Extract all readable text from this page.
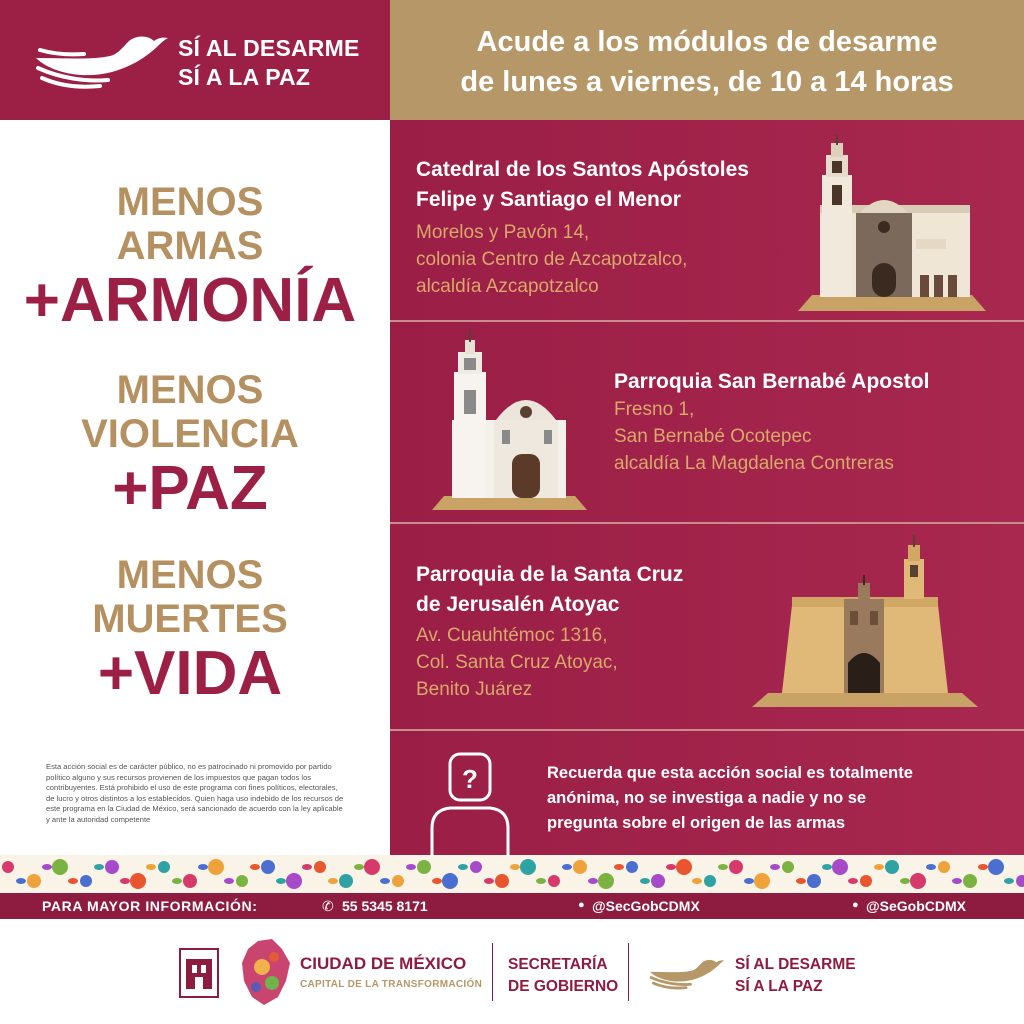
SÍ AL DESARME
SÍ A LA PAZ
Acude a los módulos de desarme
de lunes a viernes, de 10 a 14 horas
MENOS
ARMAS
+ARMONÍA
MENOS
VIOLENCIA
+PAZ
MENOS
MUERTES
+VIDA
Esta acción social es de carácter público, no es patrocinado ni promovido por partido político alguno y sus recursos provienen de los impuestos que pagan todos los contribuyentes. Está prohibido el uso de este programa con fines políticos, electorales, de lucro y otros distintos a los establecidos. Quien haga uso indebido de los recursos de este programa en la Ciudad de México, será sancionado de acuerdo con la ley aplicable y ante la autoridad competente
Catedral de los Santos Apóstoles
Felipe y Santiago el Menor
Morelos y Pavón 14,
colonia Centro de Azcapotzalco,
alcaldía Azcapotzalco
Parroquia San Bernabé Apostol
Fresno 1,
San Bernabé Ocotepec
alcaldía La Magdalena Contreras
Parroquia de la Santa Cruz
de Jerusalén Atoyac
Av. Cuauhtémoc 1316,
Col. Santa Cruz Atoyac,
Benito Juárez
?	Recuerda que esta acción social es totalmente
anónima, no se investiga a nadie y no se
pregunta sobre el origen de las armas
PARA MAYOR INFORMACIÓN:	✆ 55 5345 8171	● @SecGobCDMX	● @SeGobCDMX
CIUDAD DE MÉXICO
CAPITAL DE LA TRANSFORMACIÓN
SECRETARÍA
DE GOBIERNO
SÍ AL DESARME
SÍ A LA PAZ
